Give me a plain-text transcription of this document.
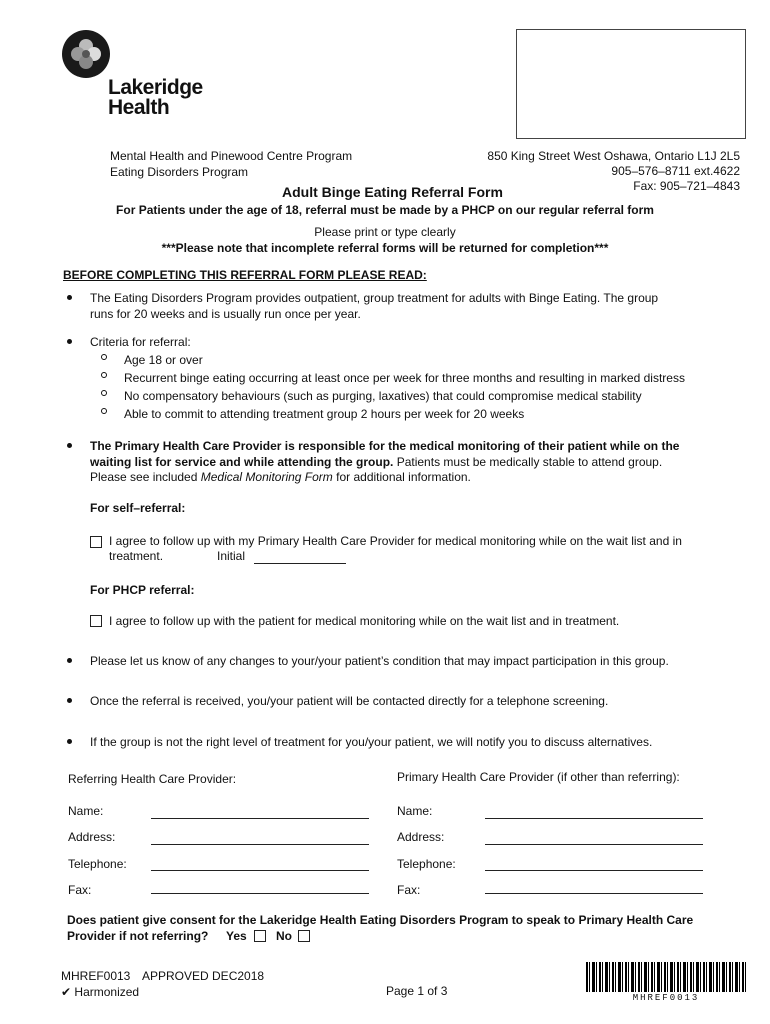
Lakeridge
Health
Mental Health and Pinewood Centre Program
Eating Disorders Program
850 King Street West Oshawa, Ontario L1J 2L5
905–576–8711 ext.4622
Fax: 905–721–4843
Adult Binge Eating Referral Form
For Patients under the age of 18, referral must be made by a PHCP on our regular referral form
Please print or type clearly
***Please note that incomplete referral forms will be returned for completion***
BEFORE COMPLETING THIS REFERRAL FORM PLEASE READ:
The Eating Disorders Program provides outpatient, group treatment for adults with Binge Eating. The group
runs for 20 weeks and is usually run once per year.
Criteria for referral:
Age 18 or over
Recurrent binge eating occurring at least once per week for three months and resulting in marked distress
No compensatory behaviours (such as purging, laxatives) that could compromise medical stability
Able to commit to attending treatment group 2 hours per week for 20 weeks
The Primary Health Care Provider is responsible for the medical monitoring of their patient while on the
waiting list for service and while attending the group. Patients must be medically stable to attend group.
Please see included Medical Monitoring Form for additional information.
For self–referral:
I agree to follow up with my Primary Health Care Provider for medical monitoring while on the wait list and in
treatment.	Initial
For PHCP referral:
I agree to follow up with the patient for medical monitoring while on the wait list and in treatment.
Please let us know of any changes to your/your patient’s condition that may impact participation in this group.
Once the referral is received, you/your patient will be contacted directly for a telephone screening.
If the group is not the right level of treatment for you/your patient, we will notify you to discuss alternatives.
Referring Health Care Provider:	Primary Health Care Provider (if other than referring):
Name:	Name:
Address:	Address:
Telephone:	Telephone:
Fax:	Fax:
Does patient give consent for the Lakeridge Health Eating Disorders Program to speak to Primary Health Care
Provider if not referring? Yes No
MHREF0013 APPROVED DEC2018
✔ Harmonized	Page 1 of 3	MHREF0013
